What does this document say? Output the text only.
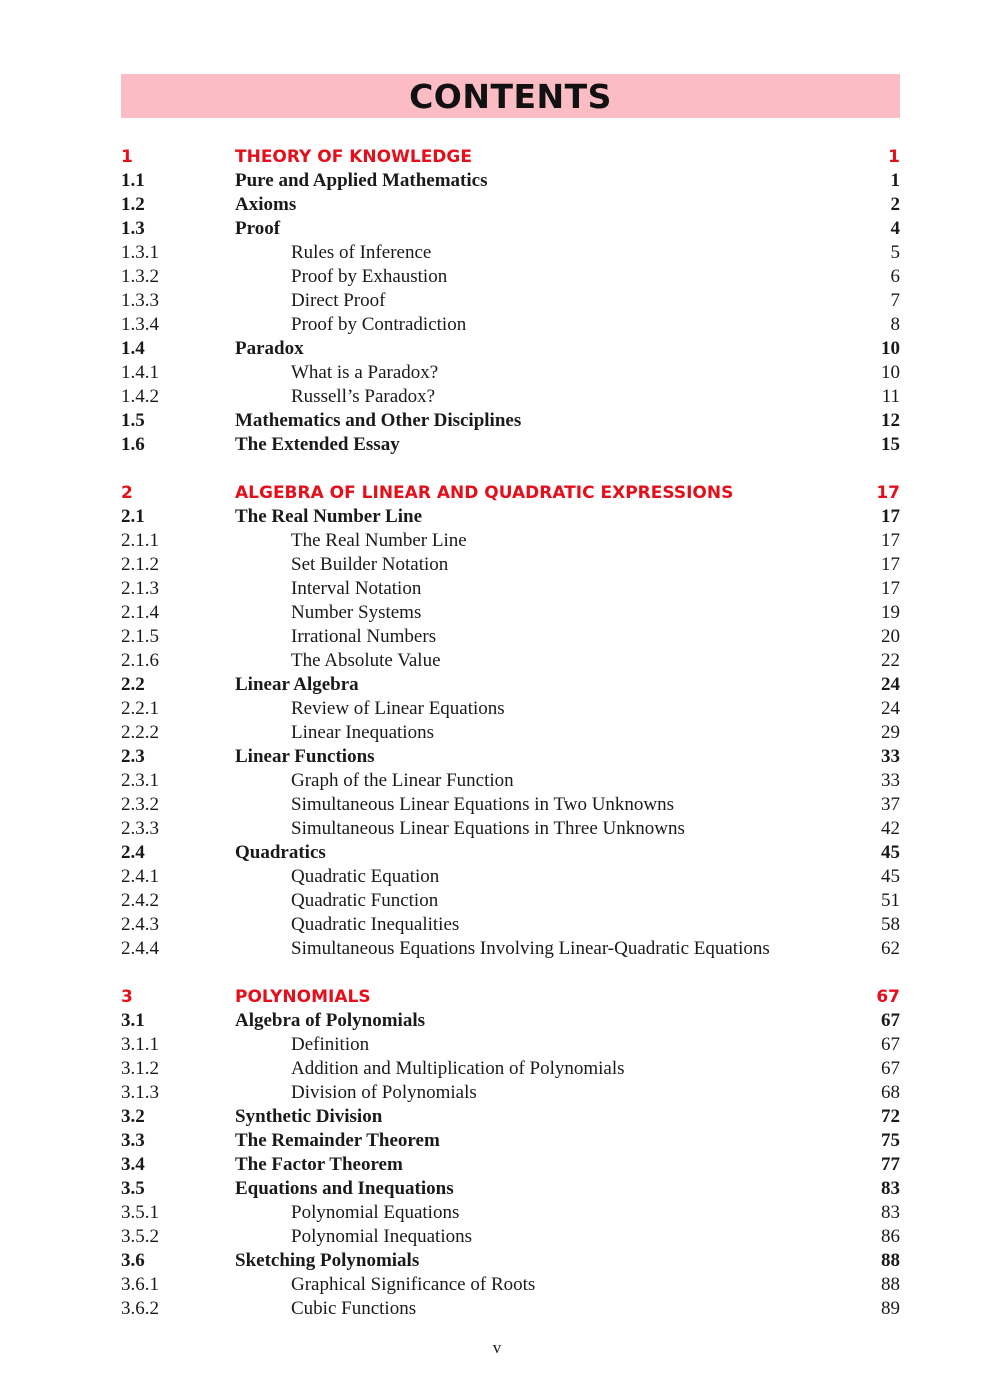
CONTENTS
1	THEORY OF KNOWLEDGE	1
1.1	Pure and Applied Mathematics	1
1.2	Axioms	2
1.3	Proof	4
1.3.1	Rules of Inference	5
1.3.2	Proof by Exhaustion	6
1.3.3	Direct Proof	7
1.3.4	Proof by Contradiction	8
1.4	Paradox	10
1.4.1	What is a Paradox?	10
1.4.2	Russell’s Paradox?	11
1.5	Mathematics and Other Disciplines	12
1.6	The Extended Essay	15
2	ALGEBRA OF LINEAR AND QUADRATIC EXPRESSIONS	17
2.1	The Real Number Line	17
2.1.1	The Real Number Line	17
2.1.2	Set Builder Notation	17
2.1.3	Interval Notation	17
2.1.4	Number Systems	19
2.1.5	Irrational Numbers	20
2.1.6	The Absolute Value	22
2.2	Linear Algebra	24
2.2.1	Review of Linear Equations	24
2.2.2	Linear Inequations	29
2.3	Linear Functions	33
2.3.1	Graph of the Linear Function	33
2.3.2	Simultaneous Linear Equations in Two Unknowns	37
2.3.3	Simultaneous Linear Equations in Three Unknowns	42
2.4	Quadratics	45
2.4.1	Quadratic Equation	45
2.4.2	Quadratic Function	51
2.4.3	Quadratic Inequalities	58
2.4.4	Simultaneous Equations Involving Linear-Quadratic Equations	62
3	POLYNOMIALS	67
3.1	Algebra of Polynomials	67
3.1.1	Definition	67
3.1.2	Addition and Multiplication of Polynomials	67
3.1.3	Division of Polynomials	68
3.2	Synthetic Division	72
3.3	The Remainder Theorem	75
3.4	The Factor Theorem	77
3.5	Equations and Inequations	83
3.5.1	Polynomial Equations	83
3.5.2	Polynomial Inequations	86
3.6	Sketching Polynomials	88
3.6.1	Graphical Significance of Roots	88
3.6.2	Cubic Functions	89
v
